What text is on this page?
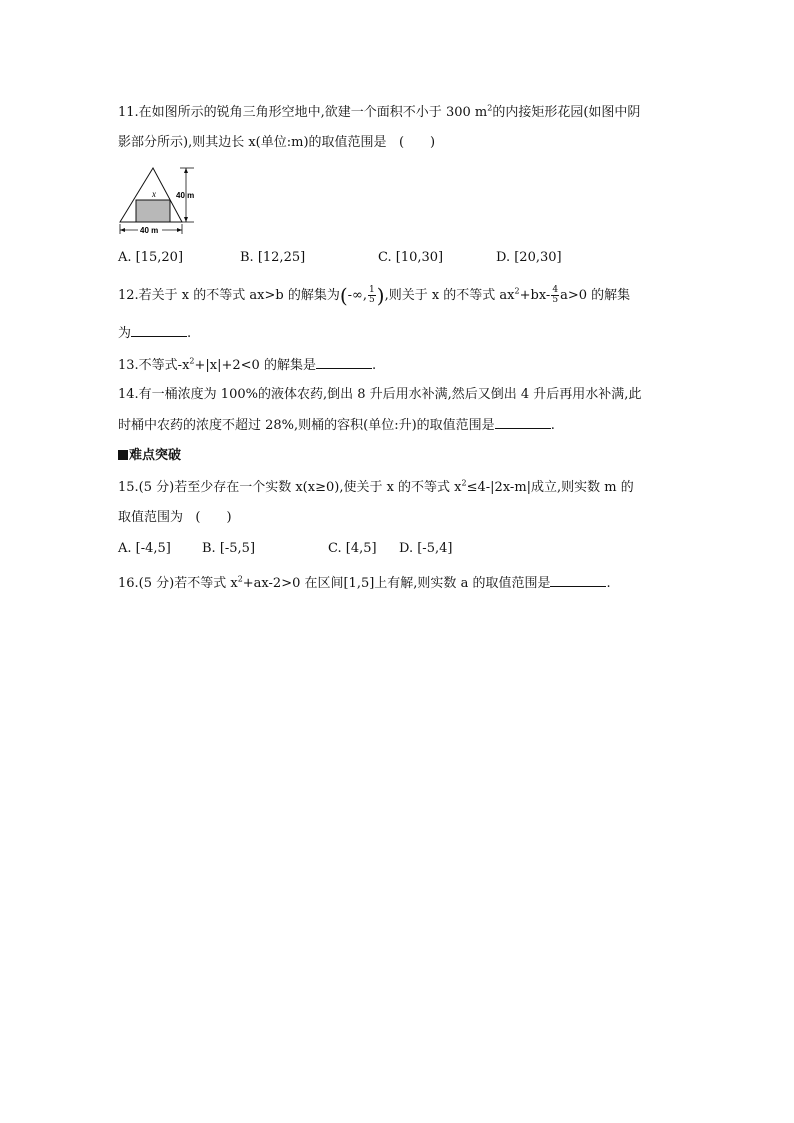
11.在如图所示的锐角三角形空地中,欲建一个面积不小于 300 $m^2$的内接矩形花园(如图中阴
影部分所示),则其边长 x(单位:m)的取值范围是 (　　)
x	40 m
40 m
A. [15,20]	B. [12,25]	C. [10,30]	D. [20,30]
12.若关于 x 的不等式 ax>b 的解集为(-∞, $\frac{1}{5}$ ),则关于 x 的不等式 $ax^2+bx- \frac{4}{5} a>0$ 的解集
为	.
13.不等式$-x^2+|x|+2<0$ 的解集是	.
14.有一桶浓度为 100%的液体农药,倒出 8 升后用水补满,然后又倒出 4 升后再用水补满,此
时桶中农药的浓度不超过 28%,则桶的容积(单位:升)的取值范围是	.
难点突破
15.(5 分)若至少存在一个实数 x(x≥0),使关于 x 的不等式 $x^2\le 4-|2x-m|$成立,则实数 m 的
取值范围为 (　　)
A. [-4,5] B. [-5,5]	C. [4,5] D. [-5,4]
16.(5 分)若不等式 $x^2+ax-2>0$ 在区间[1,5]上有解,则实数 a 的取值范围是	.
